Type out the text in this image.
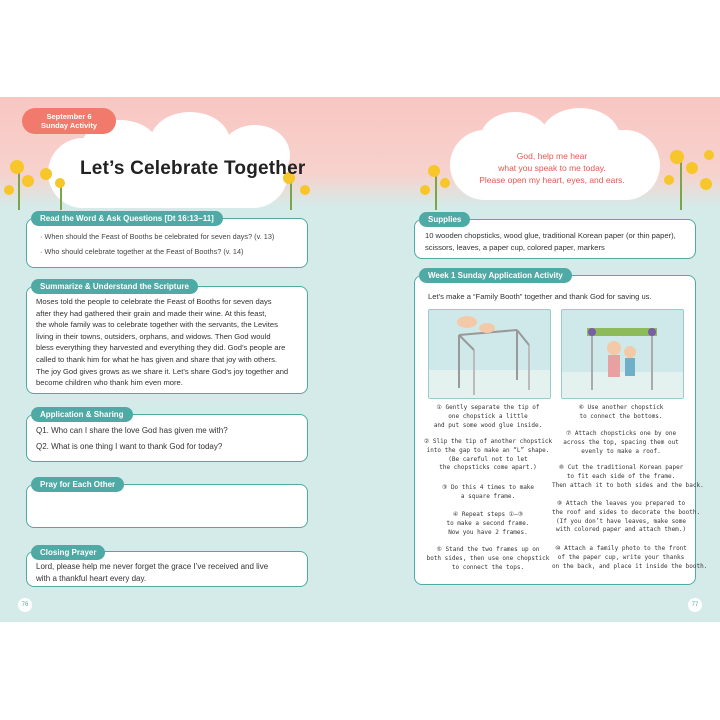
September 6
Sunday Activity
Let’s Celebrate Together
God, help me hear
what you speak to me today.
Please open my heart, eyes, and ears.
Read the Word & Ask Questions [Dt 16:13–11]
· When should the Feast of Booths be celebrated for seven days? (v. 13)
· Who should celebrate together at the Feast of Booths? (v. 14)
Summarize & Understand the Scripture
Moses told the people to celebrate the Feast of Booths for seven days
after they had gathered their grain and made their wine. At this feast,
the whole family was to celebrate together with the servants, the Levites
living in their towns, outsiders, orphans, and widows. Then God would
bless everything they harvested and everything they did. God’s people are
called to thank him for what he has given and share that joy with others.
The joy God gives grows as we share it. Let’s share God’s joy together and
become children who thank him even more.
Application & Sharing
Q1. Who can I share the love God has given me with?
Q2. What is one thing I want to thank God for today?
Pray for Each Other
Closing Prayer
Lord, please help me never forget the grace I’ve received and live
with a thankful heart every day.
76
Supplies
10 wooden chopsticks, wood glue, traditional Korean paper (or thin paper),
scissors, leaves, a paper cup, colored paper, markers
Week 1 Sunday Application Activity
Let’s make a “Family Booth” together and thank God for saving us.
① Gently separate the tip of
one chopstick a little
and put some wood glue inside.
② Slip the tip of another chopstick
into the gap to make an “L” shape.
(Be careful not to let
the chopsticks come apart.)
③ Do this 4 times to make
a square frame.
④ Repeat steps ①–③
to make a second frame.
Now you have 2 frames.
⑤ Stand the two frames up on
both sides, then use one chopstick
to connect the tops.
⑥ Use another chopstick
to connect the bottoms.
⑦ Attach chopsticks one by one
across the top, spacing them out
evenly to make a roof.
⑧ Cut the traditional Korean paper
to fit each side of the frame.
Then attach it to both sides and the
⑨ Attach the leaves you prepared to
the roof and sides to decorate the booth.
(If you don’t have leaves, make some
with colored paper and attach them.)
⑩ Attach a family photo to the front
of the paper cup, write your thanks
on the back, and place it inside the
77
